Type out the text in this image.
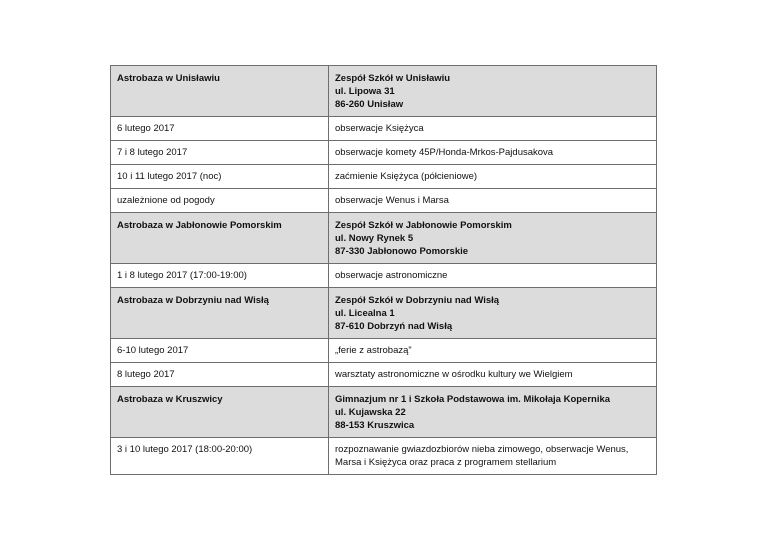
Astrobaza w Unisławiu	Zespół Szkół w Unisławiu
ul. Lipowa 31
86-260 Unisław

6 lutego 2017	obserwacje Księżyca
7 i 8 lutego 2017	obserwacje komety 45P/Honda-Mrkos-Pajdusakova
10 i 11 lutego 2017 (noc)	zaćmienie Księżyca (półcieniowe)
uzależnione od pogody	obserwacje Wenus i Marsa
Astrobaza w Jabłonowie Pomorskim	Zespół Szkół w Jabłonowie Pomorskim
ul. Nowy Rynek 5
87-330 Jabłonowo Pomorskie

1 i 8 lutego 2017 (17:00-19:00)	obserwacje astronomiczne
Astrobaza w Dobrzyniu nad Wisłą	Zespół Szkół w Dobrzyniu nad Wisłą
ul. Licealna 1
87-610 Dobrzyń nad Wisłą

6-10 lutego 2017	„ferie z astrobazą”
8 lutego 2017	warsztaty astronomiczne w ośrodku kultury we Wielgiem
Astrobaza w Kruszwicy	Gimnazjum nr 1 i Szkoła Podstawowa im. Mikołaja Kopernika
ul. Kujawska 22
88-153 Kruszwica

3 i 10 lutego 2017 (18:00-20:00)	rozpoznawanie gwiazdozbiorów nieba zimowego, obserwacje Wenus, Marsa i Księżyca oraz praca z programem stellarium
